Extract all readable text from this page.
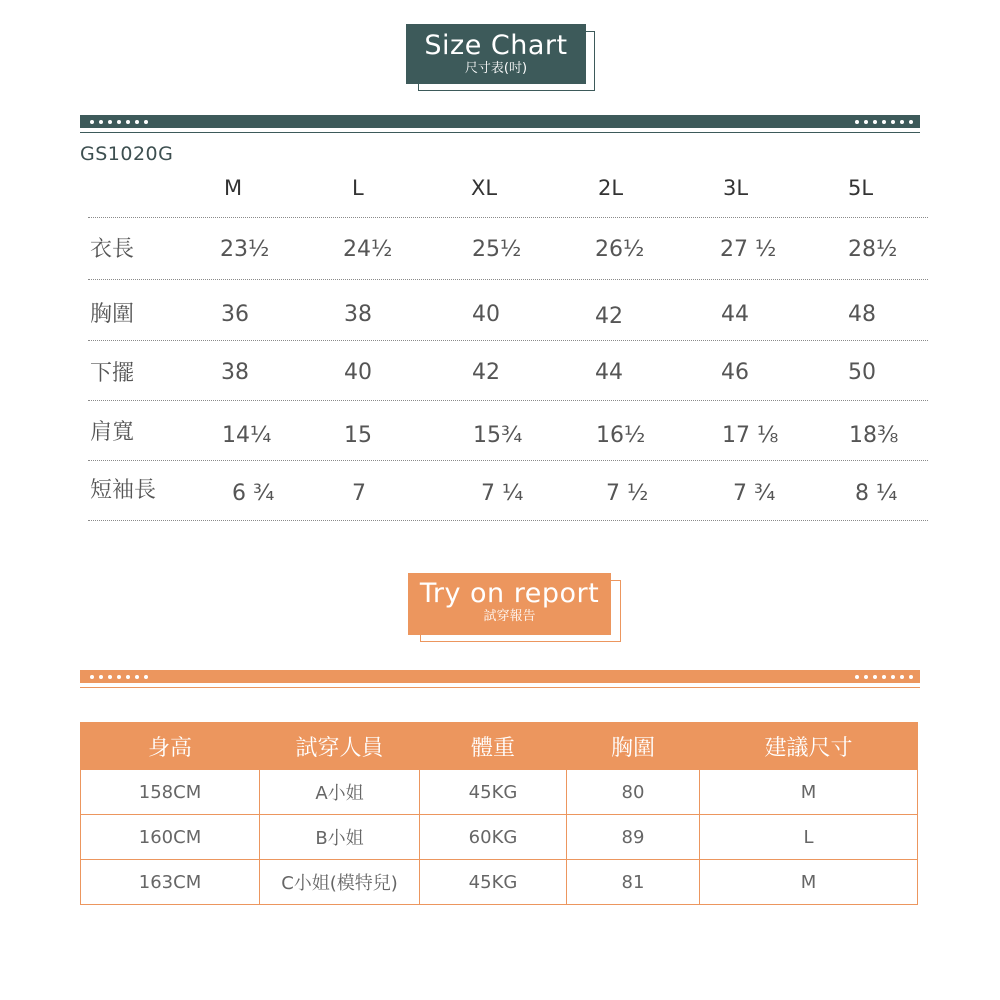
Size Chart
尺寸表(吋)
GS1020G
M	L	XL	2L	3L	5L
衣長	23½	24½	25½	26½	27 ½	28½
胸圍	36	38	40	42	44	48
下擺	38	40	42	44	46	50
肩寬	14¼	15	15¾	16½	17 ⅛	18⅜
短袖長	6 ¾	7	7 ¼	7 ½	7 ¾	8 ¼
Try on report
試穿報告
身高	試穿人員	體重	胸圍	建議尺寸
158CM	A小姐	45KG	80	M
160CM	B小姐	60KG	89	L
163CM	C小姐(模特兒)	45KG	81	M
